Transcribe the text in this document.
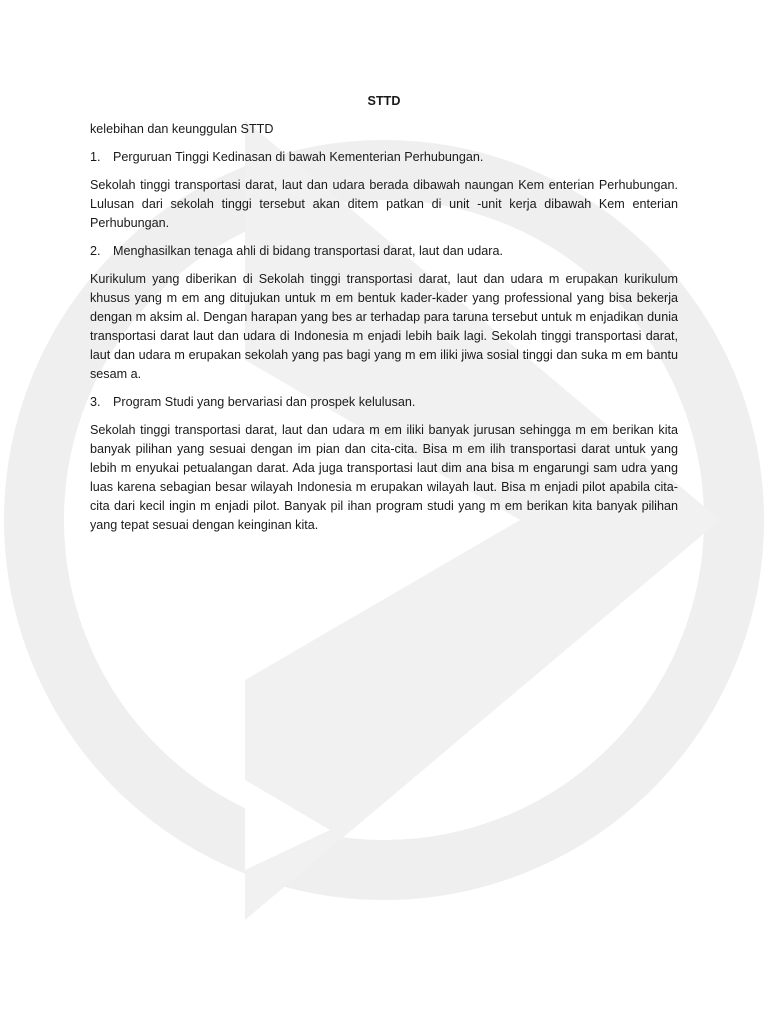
STTD

kelebihan dan keunggulan STTD

1. Perguruan Tinggi Kedinasan di bawah Kementerian Perhubungan.

Sekolah tinggi transportasi darat, laut dan udara berada dibawah naungan Kem enterian Perhubungan. Lulusan dari sekolah tinggi tersebut akan ditem patkan di unit -unit kerja dibawah Kem enterian Perhubungan.

2. Menghasilkan tenaga ahli di bidang transportasi darat, laut dan udara.

Kurikulum yang diberikan di Sekolah tinggi transportasi darat, laut dan udara m erupakan kurikulum khusus yang m em ang ditujukan untuk m em bentuk kader-kader yang professional yang bisa bekerja dengan m aksim al. Dengan harapan yang bes ar terhadap para taruna tersebut untuk m enjadikan dunia transportasi darat laut dan udara di Indonesia m enjadi lebih baik lagi. Sekolah tinggi transportasi darat, laut dan udara m erupakan sekolah yang pas bagi yang m em iliki jiwa sosial tinggi dan suka m em bantu sesam a.

3. Program Studi yang bervariasi dan prospek kelulusan.

Sekolah tinggi transportasi darat, laut dan udara m em iliki banyak jurusan sehingga m em berikan kita banyak pilihan yang sesuai dengan im pian dan cita-cita. Bisa m em ilih transportasi darat untuk yang lebih m enyukai petualangan darat. Ada juga transportasi laut dim ana bisa m engarungi sam udra yang luas karena sebagian besar wilayah Indonesia m erupakan wilayah laut. Bisa m enjadi pilot apabila cita-cita dari kecil ingin m enjadi pilot. Banyak pil ihan program studi yang m em berikan kita banyak pilihan yang tepat sesuai dengan keinginan kita.
